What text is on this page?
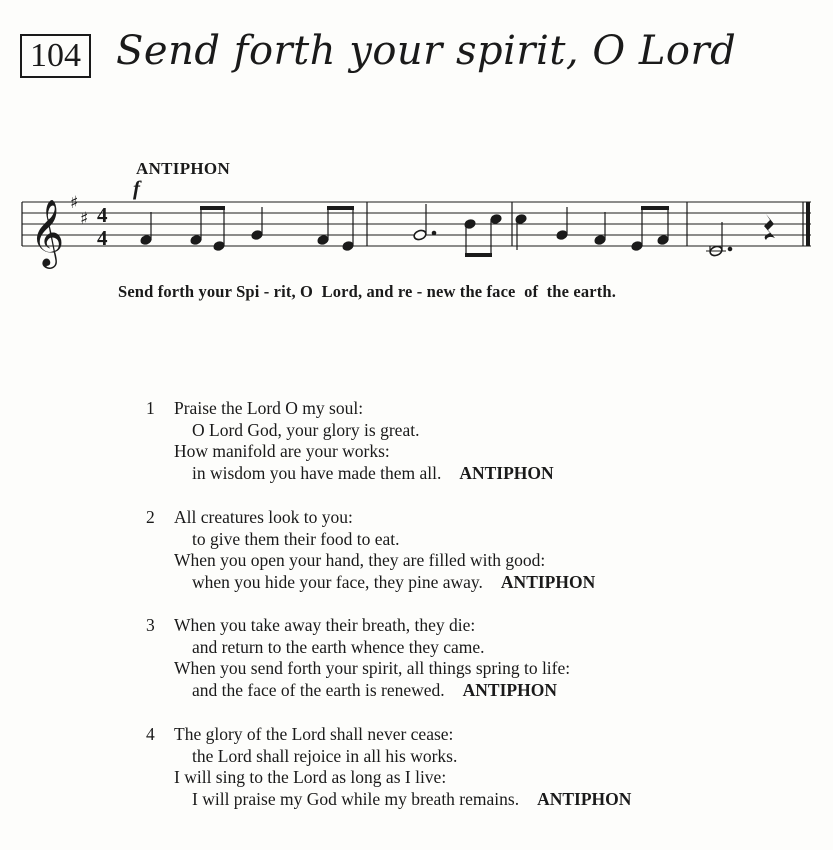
104 Send forth your spirit, O Lord
ANTIPHON
f
𝄞 ♯
♯ 4
4
Send forth your Spi - rit, O  Lord, and re - new the face  of  the earth.
1	Praise the Lord O my soul:
O Lord God, your glory is great.
How manifold are your works:
in wisdom you have made them all. ANTIPHON
2	All creatures look to you:
to give them their food to eat.
When you open your hand, they are filled with good:
when you hide your face, they pine away. ANTIPHON
3	When you take away their breath, they die:
and return to the earth whence they came.
When you send forth your spirit, all things spring to life:
and the face of the earth is renewed. ANTIPHON
4	The glory of the Lord shall never cease:
the Lord shall rejoice in all his works.
I will sing to the Lord as long as I live:
I will praise my God while my breath remains. ANTIPHON
